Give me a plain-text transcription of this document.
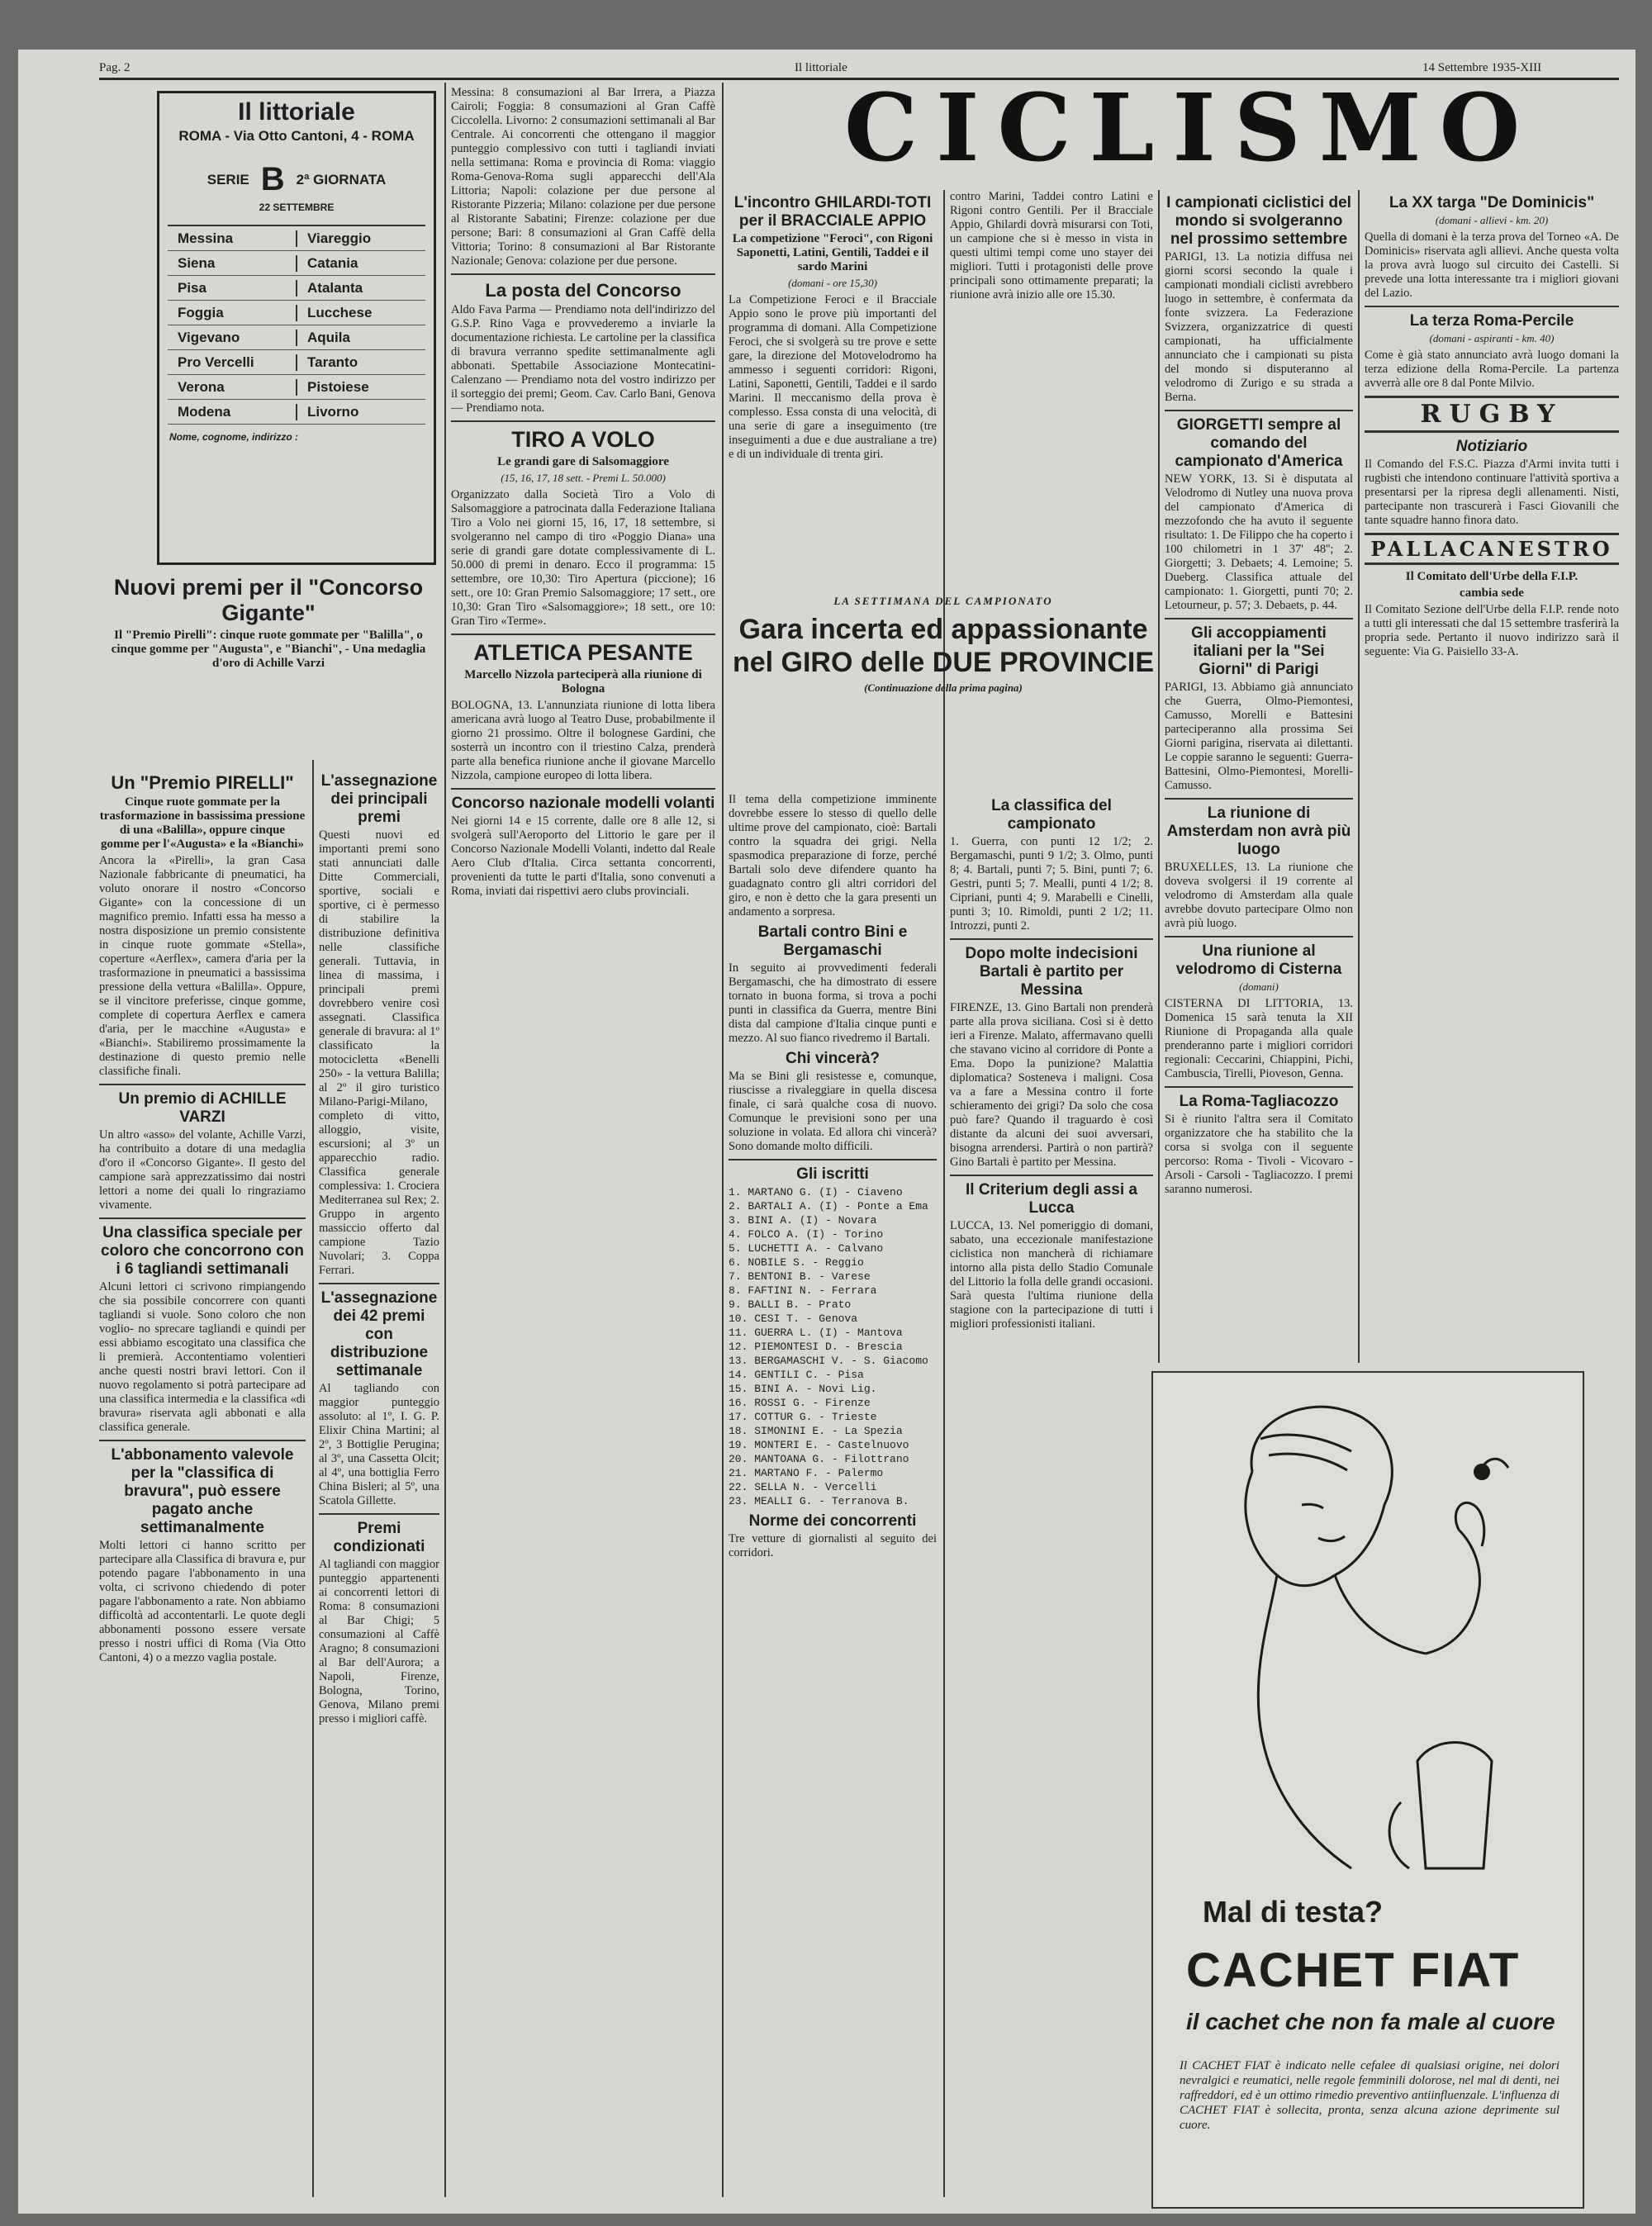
Pag. 2	Il littoriale	14 Settembre 1935-XIII
CICLISMO
Il littoriale
ROMA - Via Otto Cantoni, 4 - ROMA
SERIE B 2ª GIORNATA
22 SETTEMBRE
Messina	Viareggio
Siena	Catania
Pisa	Atalanta
Foggia	Lucchese
Vigevano	Aquila
Pro Vercelli	Taranto
Verona	Pistoiese
Modena	Livorno
Nome, cognome, indirizzo :
Nuovi premi per il "Concorso Gigante"
Il "Premio Pirelli": cinque ruote gommate per "Balilla", o cinque gomme per "Augusta", e "Bianchi", - Una medaglia d'oro di Achille Varzi
Un "Premio PIRELLI"
Cinque ruote gommate per la trasformazione in bassissima pressione di una «Balilla», oppure cinque gomme per l'«Augusta» e la «Bianchi»
Ancora la «Pirelli», la gran Casa Nazionale fabbricante di pneumatici, ha voluto onorare il nostro «Concorso Gigante» con la concessione di un magnifico premio. Infatti essa ha messo a nostra disposizione un premio consistente in cinque ruote gommate «Stella», coperture «Aerflex», camera d'aria per la trasformazione in pneumatici a bassissima pressione della vettura «Balilla». Oppure, se il vincitore preferisse, cinque gomme, complete di copertura Aerflex e camera d'aria, per le macchine «Augusta» e «Bianchi». Stabiliremo prossimamente la destinazione di questo premio nelle classifiche finali.
Un premio di ACHILLE VARZI
Un altro «asso» del volante, Achille Varzi, ha contribuito a dotare di una medaglia d'oro il «Concorso Gigante». Il gesto del campione sarà apprezzatissimo dai nostri lettori a nome dei quali lo ringraziamo vivamente.
Una classifica speciale per coloro che concorrono con i 6 tagliandi settimanali
Alcuni lettori ci scrivono rimpiangendo che sia possibile concorrere con quanti tagliandi si vuole. Sono coloro che non voglio- no sprecare tagliandi e quindi per essi abbiamo escogitato una classifica che li premierà. Accontentiamo volentieri anche questi nostri bravi lettori. Con il nuovo regolamento si potrà partecipare ad una classifica intermedia e la classifica «di bravura» riservata agli abbonati e alla classifica generale.
L'abbonamento valevole per la "classifica di bravura", può essere pagato anche settimanalmente
Molti lettori ci hanno scritto per partecipare alla Classifica di bravura e, pur potendo pagare l'abbonamento in una volta, ci scrivono chiedendo di poter pagare l'abbonamento a rate. Non abbiamo difficoltà ad accontentarli. Le quote degli abbonamenti possono essere versate presso i nostri uffici di Roma (Via Otto Cantoni, 4) o a mezzo vaglia postale.
L'assegnazione dei principali premi
Questi nuovi ed importanti premi sono stati annunciati dalle Ditte Commerciali, sportive, sociali e sportive, ci è permesso di stabilire la distribuzione definitiva nelle classifiche generali. Tuttavia, in linea di massima, i principali premi dovrebbero venire così assegnati. Classifica generale di bravura: al 1º classificato la motocicletta «Benelli 250» - la vettura Balilla; al 2º il giro turistico Milano-Parigi-Milano, completo di vitto, alloggio, visite, escursioni; al 3º un apparecchio radio. Classifica generale complessiva: 1. Crociera Mediterranea sul Rex; 2. Gruppo in argento massiccio offerto dal campione Tazio Nuvolari; 3. Coppa Ferrari.
L'assegnazione dei 42 premi con distribuzione settimanale
Al tagliando con maggior punteggio assoluto: al 1º, I. G. P. Elixir China Martini; al 2º, 3 Bottiglie Perugina; al 3º, una Cassetta Olcit; al 4º, una bottiglia Ferro China Bisleri; al 5º, una Scatola Gillette.
Premi condizionati
Al tagliandi con maggior punteggio appartenenti ai concorrenti lettori di Roma: 8 consumazioni al Bar Chigi; 5 consumazioni al Caffè Aragno; 8 consumazioni al Bar dell'Aurora; a Napoli, Firenze, Bologna, Torino, Genova, Milano premi presso i migliori caffè.
Messina: 8 consumazioni al Bar Irrera, a Piazza Cairoli; Foggia: 8 consumazioni al Gran Caffè Ciccolella. Livorno: 2 consumazioni settimanali al Bar Centrale. Ai concorrenti che ottengano il maggior punteggio complessivo con tutti i tagliandi inviati nella settimana: Roma e provincia di Roma: viaggio Roma-Genova-Roma sugli apparecchi dell'Ala Littoria; Napoli: colazione per due persone al Ristorante Pizzeria; Milano: colazione per due persone al Ristorante Sabatini; Firenze: colazione per due persone; Bari: 8 consumazioni al Gran Caffè della Vittoria; Torino: 8 consumazioni al Bar Ristorante Nazionale; Genova: colazione per due persone.
La posta del Concorso
Aldo Fava Parma — Prendiamo nota dell'indirizzo del G.S.P. Rino Vaga e provvederemo a inviarle la documentazione richiesta. Le cartoline per la classifica di bravura verranno spedite settimanalmente agli abbonati. Spettabile Associazione Montecatini-Calenzano — Prendiamo nota del vostro indirizzo per il sorteggio dei premi; Geom. Cav. Carlo Bani, Genova — Prendiamo nota.
TIRO A VOLO
Le grandi gare di Salsomaggiore
(15, 16, 17, 18 sett. - Premi L. 50.000)
Organizzato dalla Società Tiro a Volo di Salsomaggiore a patrocinata dalla Federazione Italiana Tiro a Volo nei giorni 15, 16, 17, 18 settembre, si svolgeranno nel campo di tiro «Poggio Diana» una serie di grandi gare dotate complessivamente di L. 50.000 di premi in denaro. Ecco il programma: 15 settembre, ore 10,30: Tiro Apertura (piccione); 16 sett., ore 10: Gran Premio Salsomaggiore; 17 sett., ore 10,30: Gran Tiro «Salsomaggiore»; 18 sett., ore 10: Gran Tiro «Terme».
ATLETICA PESANTE
Marcello Nizzola parteciperà alla riunione di Bologna
BOLOGNA, 13. L'annunziata riunione di lotta libera americana avrà luogo al Teatro Duse, probabilmente il giorno 21 prossimo. Oltre il bolognese Gardini, che sosterrà un incontro con il triestino Calza, prenderà parte alla benefica riunione anche il giovane Marcello Nizzola, campione europeo di lotta libera.
Concorso nazionale modelli volanti
Nei giorni 14 e 15 corrente, dalle ore 8 alle 12, si svolgerà sull'Aeroporto del Littorio le gare per il Concorso Nazionale Modelli Volanti, indetto dal Reale Aero Club d'Italia. Circa settanta concorrenti, provenienti da tutte le parti d'Italia, sono convenuti a Roma, inviati dai rispettivi aero clubs provinciali.
L'incontro GHILARDI-TOTI per il BRACCIALE APPIO
La competizione "Feroci", con Rigoni Saponetti, Latini, Gentili, Taddei e il sardo Marini
(domani - ore 15,30)
La Competizione Feroci e il Bracciale Appio sono le prove più importanti del programma di domani. Alla Competizione Feroci, che si svolgerà su tre prove e sette gare, la direzione del Motovelodromo ha ammesso i seguenti corridori: Rigoni, Latini, Saponetti, Gentili, Taddei e il sardo Marini. Il meccanismo della prova è complesso. Essa consta di una velocità, di una serie di gare a inseguimento (tre inseguimenti a due e due australiane a tre) e di un individuale di trenta giri.
LA SETTIMANA DEL CAMPIONATO
Gara incerta ed appassionante nel GIRO delle DUE PROVINCIE
(Continuazione della prima pagina)
Il tema della competizione imminente dovrebbe essere lo stesso di quello delle ultime prove del campionato, cioè: Bartali contro la squadra dei grigi. Nella spasmodica preparazione di forze, perché Bartali solo deve difendere quanto ha guadagnato contro gli altri corridori del giro, e non è detto che la gara presenti un andamento a sorpresa.
Bartali contro Bini e Bergamaschi
In seguito ai provvedimenti federali Bergamaschi, che ha dimostrato di essere tornato in buona forma, si trova a pochi punti in classifica da Guerra, mentre Bini dista dal campione d'Italia cinque punti e mezzo. Al suo fianco rivedremo il Bartali.
Chi vincerà?
Ma se Bini gli resistesse e, comunque, riuscisse a rivaleggiare in quella discesa finale, ci sarà qualche cosa di nuovo. Comunque le previsioni sono per una soluzione in volata. Ed allora chi vincerà? Sono domande molto difficili.
Gli iscritti
1. MARTANO G. (I) - Ciaveno
2. BARTALI A. (I) - Ponte a Ema
3. BINI A. (I) - Novara
4. FOLCO A. (I) - Torino
5. LUCHETTI A. - Calvano
6. NOBILE S. - Reggio
7. BENTONI B. - Varese
8. FAFTINI N. - Ferrara
9. BALLI B. - Prato
10. CESI T. - Genova
11. GUERRA L. (I) - Mantova
12. PIEMONTESI D. - Brescia
13. BERGAMASCHI V. - S. Giacomo
14. GENTILI C. - Pisa
15. BINI A. - Novi Lig.
16. ROSSI G. - Firenze
17. COTTUR G. - Trieste
18. SIMONINI E. - La Spezia
19. MONTERI E. - Castelnuovo
20. MANTOANA G. - Filottrano
21. MARTANO F. - Palermo
22. SELLA N. - Vercelli
23. MEALLI G. - Terranova B.
Norme dei concorrenti
Tre vetture di giornalisti al seguito dei corridori.
contro Marini, Taddei contro Latini e Rigoni contro Gentili. Per il Bracciale Appio, Ghilardi dovrà misurarsi con Toti, un campione che si è messo in vista in questi ultimi tempi come uno stayer dei migliori. Tutti i protagonisti delle prove principali sono ottimamente preparati; la riunione avrà inizio alle ore 15.30.
La classifica del campionato
1. Guerra, con punti 12 1/2; 2. Bergamaschi, punti 9 1/2; 3. Olmo, punti 8; 4. Bartali, punti 7; 5. Bini, punti 7; 6. Gestri, punti 5; 7. Mealli, punti 4 1/2; 8. Cipriani, punti 4; 9. Marabelli e Cinelli, punti 3; 10. Rimoldi, punti 2 1/2; 11. Introzzi, punti 2.
Dopo molte indecisioni Bartali è partito per Messina
FIRENZE, 13. Gino Bartali non prenderà parte alla prova siciliana. Così si è detto ieri a Firenze. Malato, affermavano quelli che stavano vicino al corridore di Ponte a Ema. Dopo la punizione? Malattia diplomatica? Sosteneva i maligni. Cosa va a fare a Messina contro il forte schieramento dei grigi? Da solo che cosa può fare? Quando il traguardo è così distante da alcuni dei suoi avversari, bisogna arrendersi. Partirà o non partirà? Gino Bartali è partito per Messina.
Il Criterium degli assi a Lucca
LUCCA, 13. Nel pomeriggio di domani, sabato, una eccezionale manifestazione ciclistica non mancherà di richiamare intorno alla pista dello Stadio Comunale del Littorio la folla delle grandi occasioni. Sarà questa l'ultima riunione della stagione con la partecipazione di tutti i migliori professionisti italiani.
I campionati ciclistici del mondo si svolgeranno nel prossimo settembre
PARIGI, 13. La notizia diffusa nei giorni scorsi secondo la quale i campionati mondiali ciclisti avrebbero luogo in settembre, è confermata da fonte svizzera. La Federazione Svizzera, organizzatrice di questi campionati, ha ufficialmente annunciato che i campionati su pista del mondo si disputeranno al velodromo di Zurigo e su strada a Berna.
GIORGETTI sempre al comando del campionato d'America
NEW YORK, 13. Si è disputata al Velodromo di Nutley una nuova prova del campionato d'America di mezzofondo che ha avuto il seguente risultato: 1. De Filippo che ha coperto i 100 chilometri in 1 37' 48''; 2. Giorgetti; 3. Debaets; 4. Lemoine; 5. Dueberg. Classifica attuale del campionato: 1. Giorgetti, punti 70; 2. Letourneur, p. 57; 3. Debaets, p. 44.
Gli accoppiamenti italiani per la "Sei Giorni" di Parigi
PARIGI, 13. Abbiamo già annunciato che Guerra, Olmo-Piemontesi, Camusso, Morelli e Battesini parteciperanno alla prossima Sei Giorni parigina, riservata ai dilettanti. Le coppie saranno le seguenti: Guerra-Battesini, Olmo-Piemontesi, Morelli-Camusso.
La riunione di Amsterdam non avrà più luogo
BRUXELLES, 13. La riunione che doveva svolgersi il 19 corrente al velodromo di Amsterdam alla quale avrebbe dovuto partecipare Olmo non avrà più luogo.
Una riunione al velodromo di Cisterna
(domani)
CISTERNA DI LITTORIA, 13. Domenica 15 sarà tenuta la XII Riunione di Propaganda alla quale prenderanno parte i migliori corridori regionali: Ceccarini, Chiappini, Pichi, Cambuscia, Tirelli, Pioveson, Genna.
La Roma-Tagliacozzo
Si è riunito l'altra sera il Comitato organizzatore che ha stabilito che la corsa si svolga con il seguente percorso: Roma - Tivoli - Vicovaro - Arsoli - Carsoli - Tagliacozzo. I premi saranno numerosi.
La XX targa "De Dominicis"
(domani - allievi - km. 20)
Quella di domani è la terza prova del Torneo «A. De Dominicis» riservata agli allievi. Anche questa volta la prova avrà luogo sul circuito dei Castelli. Si prevede una lotta interessante tra i migliori giovani del Lazio.
La terza Roma-Percile
(domani - aspiranti - km. 40)
Come è già stato annunciato avrà luogo domani la terza edizione della Roma-Percile. La partenza avverrà alle ore 8 dal Ponte Milvio.
RUGBY
Notiziario
Il Comando del F.S.C. Piazza d'Armi invita tutti i rugbisti che intendono continuare l'attività sportiva a presentarsi per la ripresa degli allenamenti. Nisti, partecipante non trascurerà i Fasci Giovanili che tante squadre hanno finora dato.
PALLACANESTRO
Il Comitato dell'Urbe della F.I.P.
cambia sede
Il Comitato Sezione dell'Urbe della F.I.P. rende noto a tutti gli interessati che dal 15 settembre trasferirà la propria sede. Pertanto il nuovo indirizzo sarà il seguente: Via G. Paisiello 33-A.
Mal di testa?
CACHET FIAT
il cachet che non fa male al cuore
Il CACHET FIAT è indicato nelle cefalee di qualsiasi origine, nei dolori nevralgici e reumatici, nelle regole femminili dolorose, nel mal di denti, nei raffreddori, ed è un ottimo rimedio preventivo antiinfluenzale. L'influenza di CACHET FIAT è sollecita, pronta, senza alcuna azione deprimente sul cuore.
